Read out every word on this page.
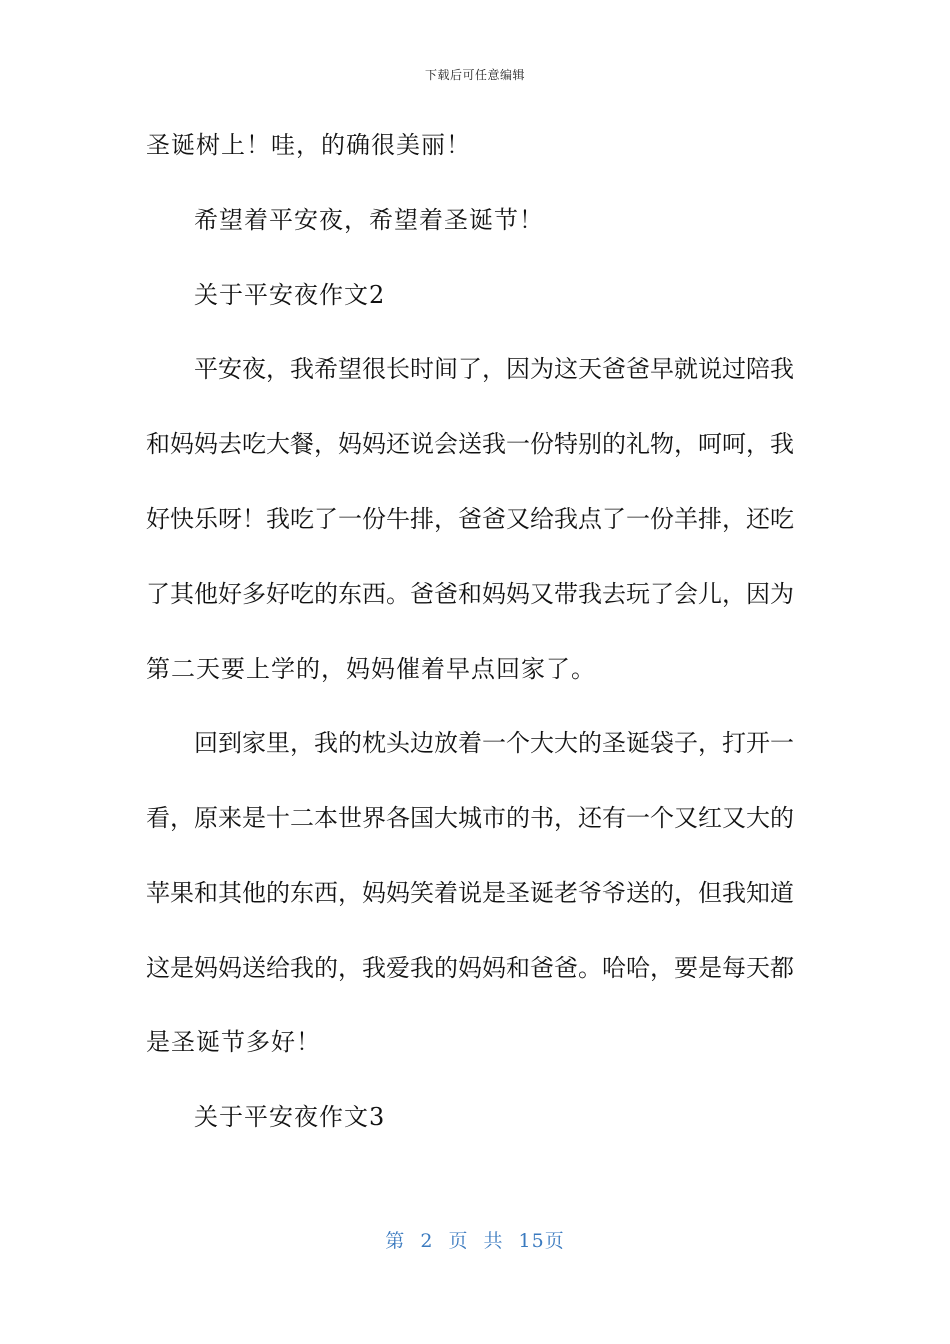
下载后可任意编辑
圣诞树上！哇，的确很美丽！
希望着平安夜，希望着圣诞节！
关于平安夜作文2
平安夜，我希望很长时间了，因为这天爸爸早就说过陪我
和妈妈去吃大餐，妈妈还说会送我一份特别的礼物，呵呵，我
好快乐呀！我吃了一份牛排，爸爸又给我点了一份羊排，还吃
了其他好多好吃的东西。爸爸和妈妈又带我去玩了会儿，因为
第二天要上学的，妈妈催着早点回家了。
回到家里，我的枕头边放着一个大大的圣诞袋子，打开一
看，原来是十二本世界各国大城市的书，还有一个又红又大的
苹果和其他的东西，妈妈笑着说是圣诞老爷爷送的，但我知道
这是妈妈送给我的，我爱我的妈妈和爸爸。哈哈，要是每天都
是圣诞节多好！
关于平安夜作文3
第 2 页 共 15页
